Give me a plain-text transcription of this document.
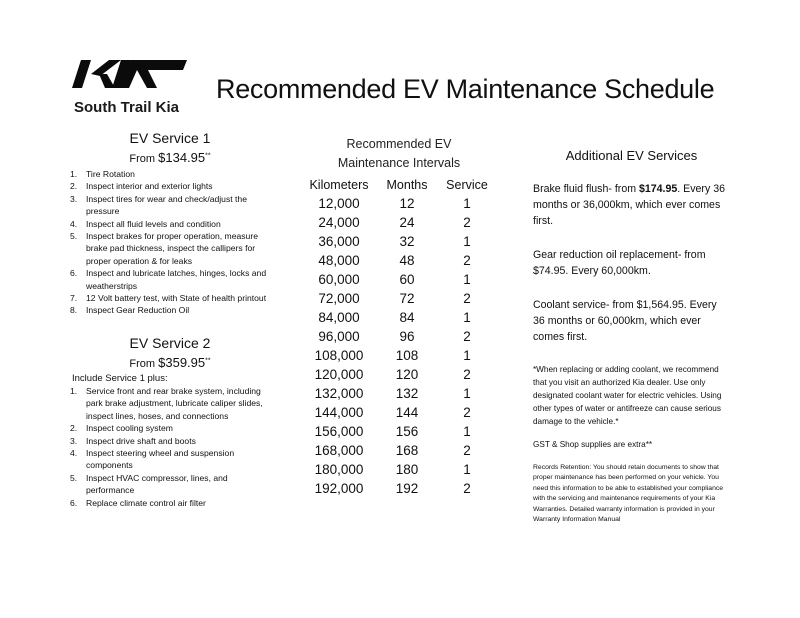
South Trail Kia
Recommended EV Maintenance Schedule

EV Service 1

From $134.95**

1.	Tire Rotation
2.	Inspect interior and exterior lights
3.	Inspect tires for wear and check/adjust the pressure
4.	Inspect all fluid levels and condition
5.	Inspect brakes for proper operation, measure brake pad thickness, inspect the callipers for proper operation & for leaks
6.	Inspect and lubricate latches, hinges, locks and weatherstrips
7.	12 Volt battery test, with State of health printout
8.	Inspect Gear Reduction Oil

EV Service 2

From $359.95**

Include Service 1 plus:

1.	Service front and rear brake system, including park brake adjustment, lubricate caliper slides, inspect lines, hoses, and connections
2.	Inspect cooling system
3.	Inspect drive shaft and boots
4.	Inspect steering wheel and suspension components
5.	Inspect HVAC compressor, lines, and performance
6.	Replace climate control air filter
Recommended EV
Maintenance Intervals
Kilometers	Months	Service
12,000	12	1
24,000	24	2
36,000	32	1
48,000	48	2
60,000	60	1
72,000	72	2
84,000	84	1
96,000	96	2
108,000	108	1
120,000	120	2
132,000	132	1
144,000	144	2
156,000	156	1
168,000	168	2
180,000	180	1
192,000	192	2

Additional EV Services

Brake fluid flush- from $174.95. Every 36 months or 36,000km, which ever comes first.

Gear reduction oil replacement- from $74.95. Every 60,000km.

Coolant service- from $1,564.95. Every 36 months or 60,000km, which ever comes first.

*When replacing or adding coolant, we recommend that you visit an authorized Kia dealer. Use only designated coolant water for electric vehicles. Using other types of water or antifreeze can cause serious damage to the vehicle.*

GST & Shop supplies are extra**

Records Retention: You should retain documents to show that proper maintenance has been performed on your vehicle. You need this information to be able to established your compliance with the servicing and maintenance requirements of your Kia Warranties. Detailed warranty information is provided in your Warranty Information Manual
